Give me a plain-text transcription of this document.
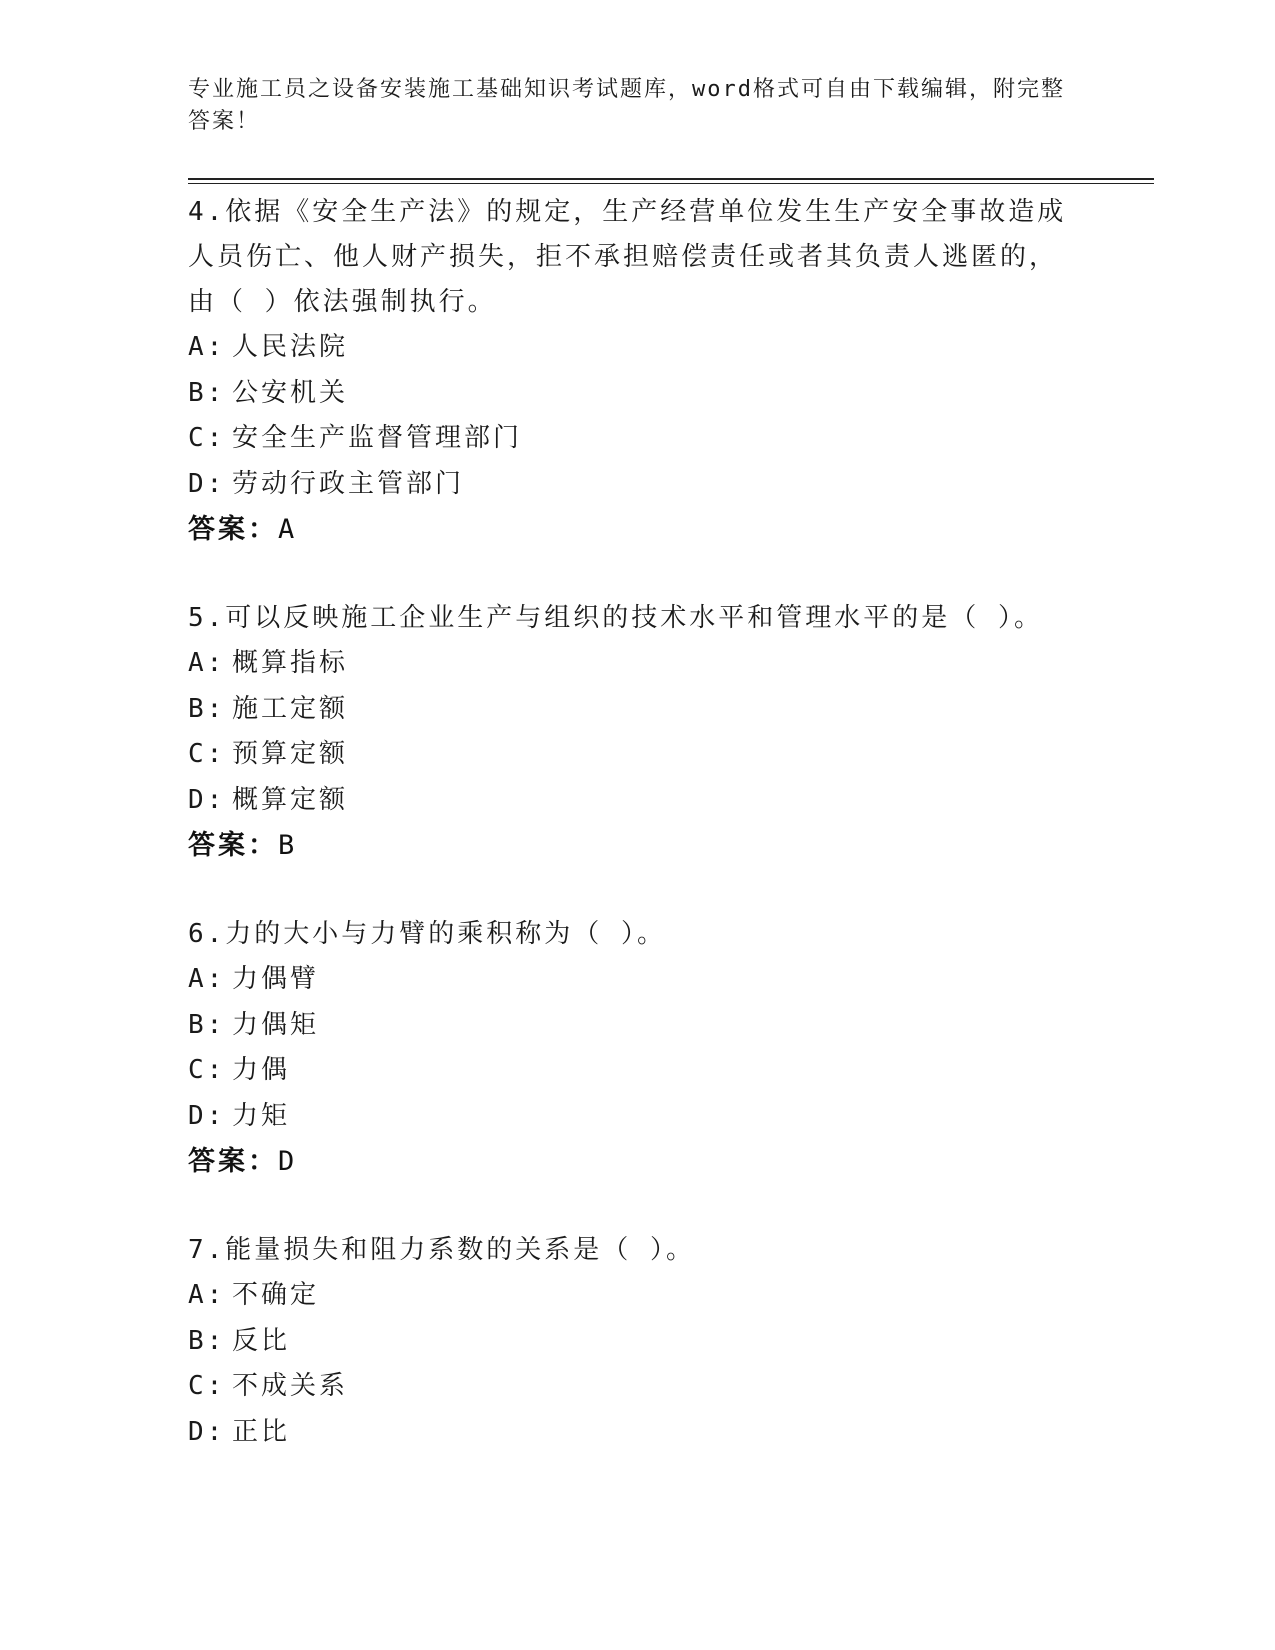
专业施工员之设备安装施工基础知识考试题库，word格式可自由下载编辑，附完整答案！
4.依据《安全生产法》的规定，生产经营单位发生生产安全事故造成人员伤亡、他人财产损失，拒不承担赔偿责任或者其负责人逃匿的，由（ ）依法强制执行。
A: 人民法院
B: 公安机关
C: 安全生产监督管理部门
D: 劳动行政主管部门
答案：A
5.可以反映施工企业生产与组织的技术水平和管理水平的是（ ）。
A: 概算指标
B: 施工定额
C: 预算定额
D: 概算定额
答案：B
6.力的大小与力臂的乘积称为（ ）。
A: 力偶臂
B: 力偶矩
C: 力偶
D: 力矩
答案：D
7.能量损失和阻力系数的关系是（ ）。
A: 不确定
B: 反比
C: 不成关系
D: 正比
